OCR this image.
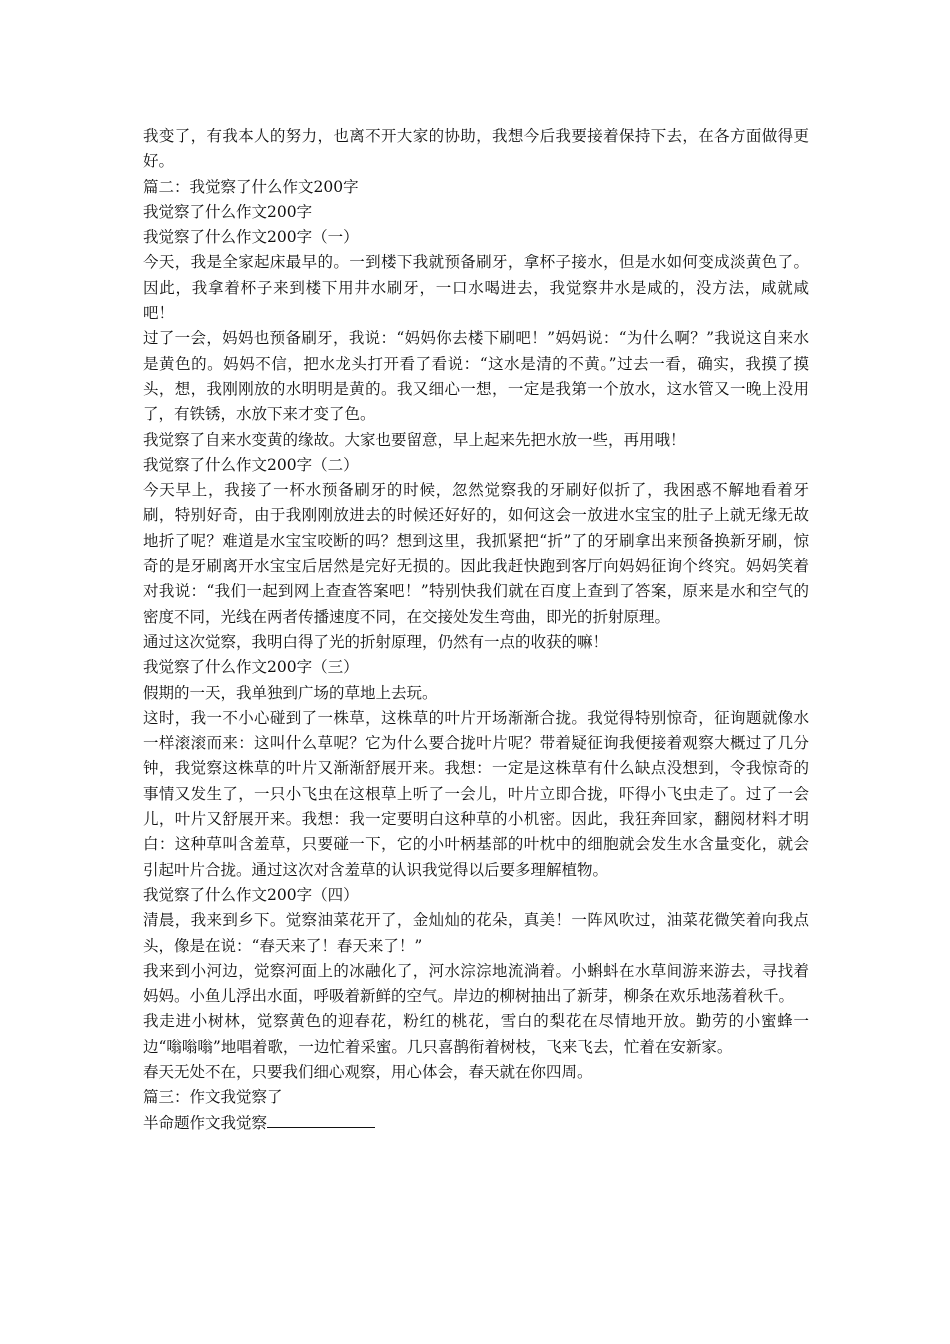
我变了，有我本人的努力，也离不开大家的协助，我想今后我要接着保持下去，在各方面做得更好。

篇二：我觉察了什么作文200字

我觉察了什么作文200字

我觉察了什么作文200字（一）

今天，我是全家起床最早的。一到楼下我就预备刷牙，拿杯子接水，但是水如何变成淡黄色了。因此，我拿着杯子来到楼下用井水刷牙，一口水喝进去，我觉察井水是咸的，没方法，咸就咸吧！

过了一会，妈妈也预备刷牙，我说：“妈妈你去楼下刷吧！”妈妈说：“为什么啊？”我说这自来水是黄色的。妈妈不信，把水龙头打开看了看说：“这水是清的不黄。”过去一看，确实，我摸了摸头，想，我刚刚放的水明明是黄的。我又细心一想，一定是我第一个放水，这水管又一晚上没用了，有铁锈，水放下来才变了色。

我觉察了自来水变黄的缘故。大家也要留意，早上起来先把水放一些，再用哦！

我觉察了什么作文200字（二）

今天早上，我接了一杯水预备刷牙的时候，忽然觉察我的牙刷好似折了，我困惑不解地看着牙刷，特别好奇，由于我刚刚放进去的时候还好好的，如何这会一放进水宝宝的肚子上就无缘无故地折了呢？难道是水宝宝咬断的吗？想到这里，我抓紧把“折”了的牙刷拿出来预备换新牙刷，惊奇的是牙刷离开水宝宝后居然是完好无损的。因此我赶快跑到客厅向妈妈征询个终究。妈妈笑着对我说：“我们一起到网上查查答案吧！”特别快我们就在百度上查到了答案，原来是水和空气的密度不同，光线在两者传播速度不同，在交接处发生弯曲，即光的折射原理。

通过这次觉察，我明白得了光的折射原理，仍然有一点的收获的嘛！

我觉察了什么作文200字（三）

假期的一天，我单独到广场的草地上去玩。

这时，我一不小心碰到了一株草，这株草的叶片开场渐渐合拢。我觉得特别惊奇，征询题就像水一样滚滚而来：这叫什么草呢？它为什么要合拢叶片呢？带着疑征询我便接着观察大概过了几分钟，我觉察这株草的叶片又渐渐舒展开来。我想：一定是这株草有什么缺点没想到，令我惊奇的事情又发生了，一只小飞虫在这根草上听了一会儿，叶片立即合拢，吓得小飞虫走了。过了一会儿，叶片又舒展开来。我想：我一定要明白这种草的小机密。因此，我狂奔回家，翻阅材料才明白：这种草叫含羞草，只要碰一下，它的小叶柄基部的叶枕中的细胞就会发生水含量变化，就会引起叶片合拢。通过这次对含羞草的认识我觉得以后要多理解植物。

我觉察了什么作文200字（四）

清晨，我来到乡下。觉察油菜花开了，金灿灿的花朵，真美！一阵风吹过，油菜花微笑着向我点头，像是在说：“春天来了！春天来了！”

我来到小河边，觉察河面上的冰融化了，河水淙淙地流淌着。小蝌蚪在水草间游来游去，寻找着妈妈。小鱼儿浮出水面，呼吸着新鲜的空气。岸边的柳树抽出了新芽，柳条在欢乐地荡着秋千。

我走进小树林，觉察黄色的迎春花，粉红的桃花，雪白的梨花在尽情地开放。勤劳的小蜜蜂一边“嗡嗡嗡”地唱着歌，一边忙着采蜜。几只喜鹊衔着树枝，飞来飞去，忙着在安新家。

春天无处不在，只要我们细心观察，用心体会，春天就在你四周。

篇三：作文我觉察了

半命题作文我觉察
